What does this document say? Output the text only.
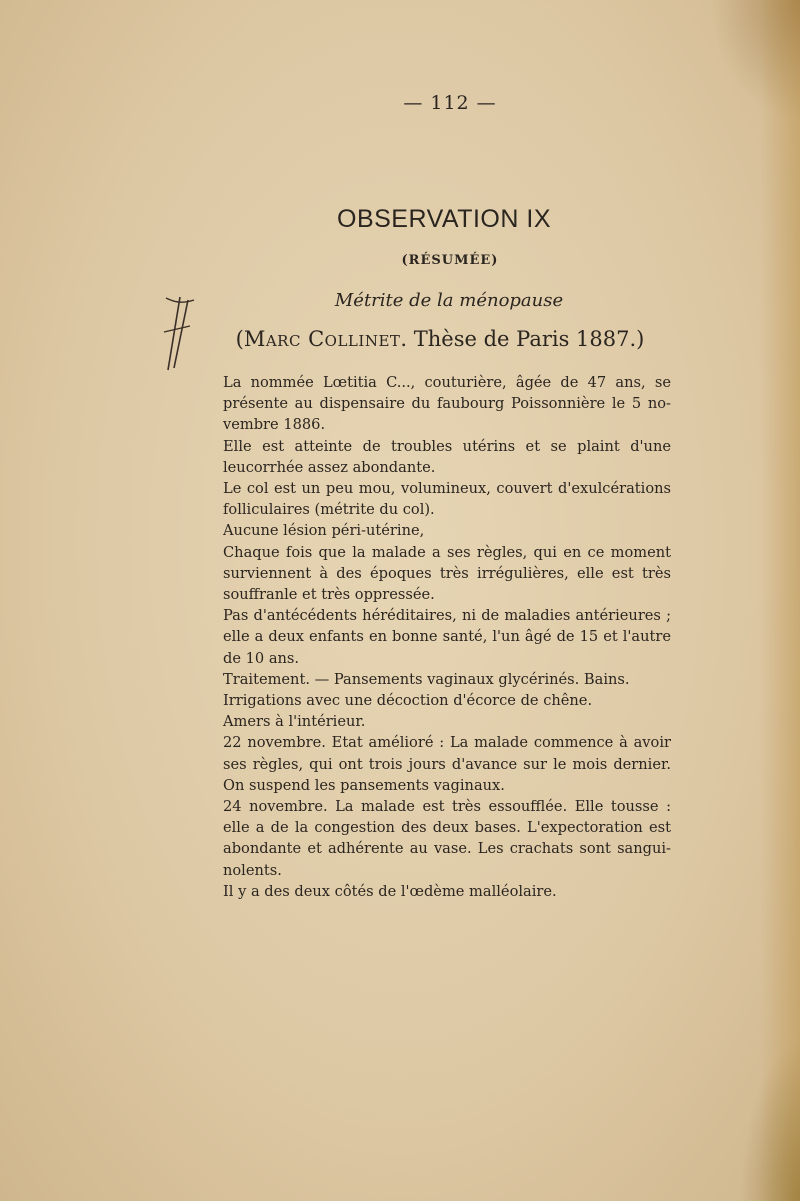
— 112 —
OBSERVATION IX
(RÉSUMÉE)
Métrite de la ménopause
(Marc Collinet. Thèse de Paris 1887.)
La nommée Lœtitia C..., couturière, âgée de 47 ans, se
présente au dispensaire du faubourg Poissonnière le 5 no-
vembre 1886.
Elle est atteinte de troubles utérins et se plaint d'une
leucorrhée assez abondante.
Le col est un peu mou, volumineux, couvert d'exulcérations
folliculaires (métrite du col).
Aucune lésion péri-utérine,
Chaque fois que la malade a ses règles, qui en ce moment
surviennent à des époques très irrégulières, elle est très
souffranle et très oppressée.
Pas d'antécédents héréditaires, ni de maladies antérieures ;
elle a deux enfants en bonne santé, l'un âgé de 15 et l'autre
de 10 ans.
Traitement. — Pansements vaginaux glycérinés. Bains.
Irrigations avec une décoction d'écorce de chêne.
Amers à l'intérieur.
22 novembre. Etat amélioré : La malade commence à avoir
ses règles, qui ont trois jours d'avance sur le mois dernier.
On suspend les pansements vaginaux.
24 novembre. La malade est très essoufflée. Elle tousse :
elle a de la congestion des deux bases. L'expectoration est
abondante et adhérente au vase. Les crachats sont sangui-
nolents.
Il y a des deux côtés de l'œdème malléolaire.
